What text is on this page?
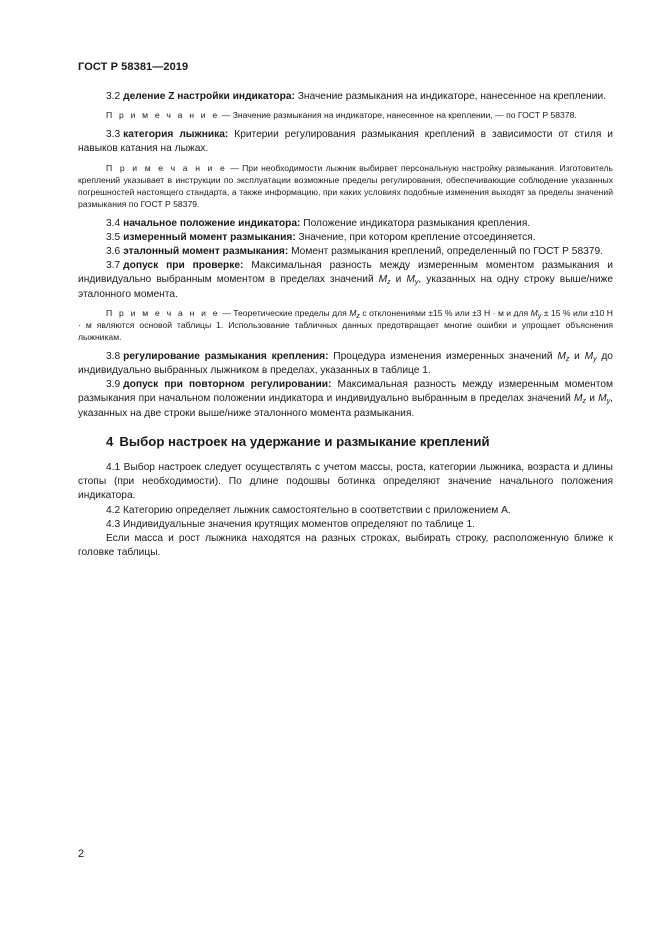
ГОСТ Р 58381—2019

3.2 деление Z настройки индикатора: Значение размыкания на индикаторе, нанесенное на креплении.

П р и м е ч а н и е — Значение размыкания на индикаторе, нанесенное на креплении, — по ГОСТ Р 58378.

3.3 категория лыжника: Критерии регулирования размыкания креплений в зависимости от стиля и навыков катания на лыжах.

П р и м е ч а н и е — При необходимости лыжник выбирает персональную настройку размыкания. Изготовитель креплений указывает в инструкции по эксплуатации возможные пределы регулирования, обеспечивающие соблюдение указанных погрешностей настоящего стандарта, а также информацию, при каких условиях подобные изменения выходят за пределы значений размыкания по ГОСТ Р 58379.

3.4 начальное положение индикатора: Положение индикатора размыкания крепления.

3.5 измеренный момент размыкания: Значение, при котором крепление отсоединяется.

3.6 эталонный момент размыкания: Момент размыкания креплений, определенный по ГОСТ Р 58379.

3.7 допуск при проверке: Максимальная разность между измеренным моментом размыкания и индивидуально выбранным моментом в пределах значений $M_z$ и $M_y$, указанных на одну строку выше/ниже эталонного момента.

П р и м е ч а н и е — Теоретические пределы для $M_z$ с отклонениями ±15 % или ±3 Н · м и для $M_y \pm 15$ % или ±10 Н · м являются основой таблицы 1. Использование табличных данных предотвращает многие ошибки и упрощает объяснения лыжникам.

3.8 регулирование размыкания крепления: Процедура изменения измеренных значений $M_z$ и $M_y$ до индивидуально выбранных лыжником в пределах, указанных в таблице 1.

3.9 допуск при повторном регулировании: Максимальная разность между измеренным моментом размыкания при начальном положении индикатора и индивидуально выбранным в пределах значений $M_z$ и $M_y$, указанных на две строки выше/ниже эталонного момента размыкания.

4 Выбор настроек на удержание и размыкание креплений

4.1 Выбор настроек следует осуществлять с учетом массы, роста, категории лыжника, возраста и длины стопы (при необходимости). По длине подошвы ботинка определяют значение начального положения индикатора.

4.2 Категорию определяет лыжник самостоятельно в соответствии с приложением А.

4.3 Индивидуальные значения крутящих моментов определяют по таблице 1.

Если масса и рост лыжника находятся на разных строках, выбирать строку, расположенную ближе к головке таблицы.

2
